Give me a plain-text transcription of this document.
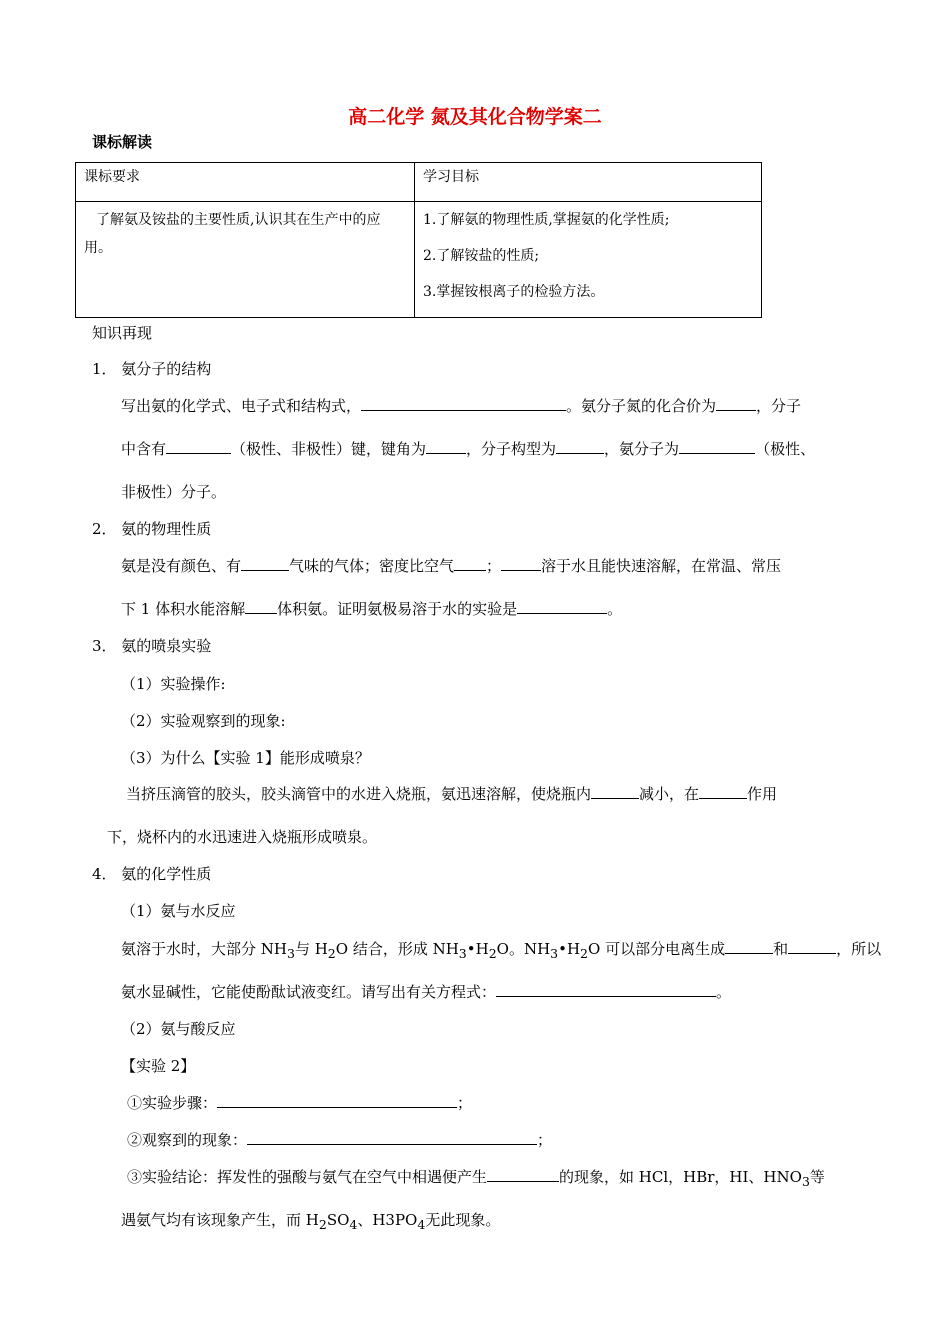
高二化学 氮及其化合物学案二
课标解读
课标要求	学习目标

了解氨及铵盐的主要性质,认识其在生产中的应用。	1.了解氨的物理性质,掌握氨的化学性质;
2.了解铵盐的性质;
3.掌握铵根离子的检验方法。
知识再现
1． 氨分子的结构
写出氨的化学式、电子式和结构式，	。氨分子氮的化合价为	，分子
中含有	（极性、非极性）键，键角为	，分子构型为	，氨分子为	（极性、
非极性）分子。
2． 氨的物理性质
氨是没有颜色、有	气味的气体；密度比空气 ；	溶于水且能快速溶解，在常温、常压
下 1 体积水能溶解 体积氨。证明氨极易溶于水的实验是	。
3． 氨的喷泉实验
（1）实验操作:
（2）实验观察到的现象:
（3）为什么【实验 1】能形成喷泉？
当挤压滴管的胶头，胶头滴管中的水进入烧瓶，氨迅速溶解，使烧瓶内	减小，在	作用
下，烧杯内的水迅速进入烧瓶形成喷泉。
4． 氨的化学性质
（1）氨与水反应
氨溶于水时，大部分 $NH_3$与 $H_2O$ 结合，形成 $NH_3•H_2O$。$NH_3•H_2O$ 可以部分电离生成	和	，所以
氨水显碱性，它能使酚酞试液变红。请写出有关方程式：	。
（2）氨与酸反应
【实验 2】
①实验步骤：	；
②观察到的现象：	；
③实验结论：挥发性的强酸与氨气在空气中相遇便产生	的现象，如 HCl，HBr，HI、$HNO_3$等
遇氨气均有该现象产生，而 $H_2SO_4$、$H3PO_4$无此现象。
